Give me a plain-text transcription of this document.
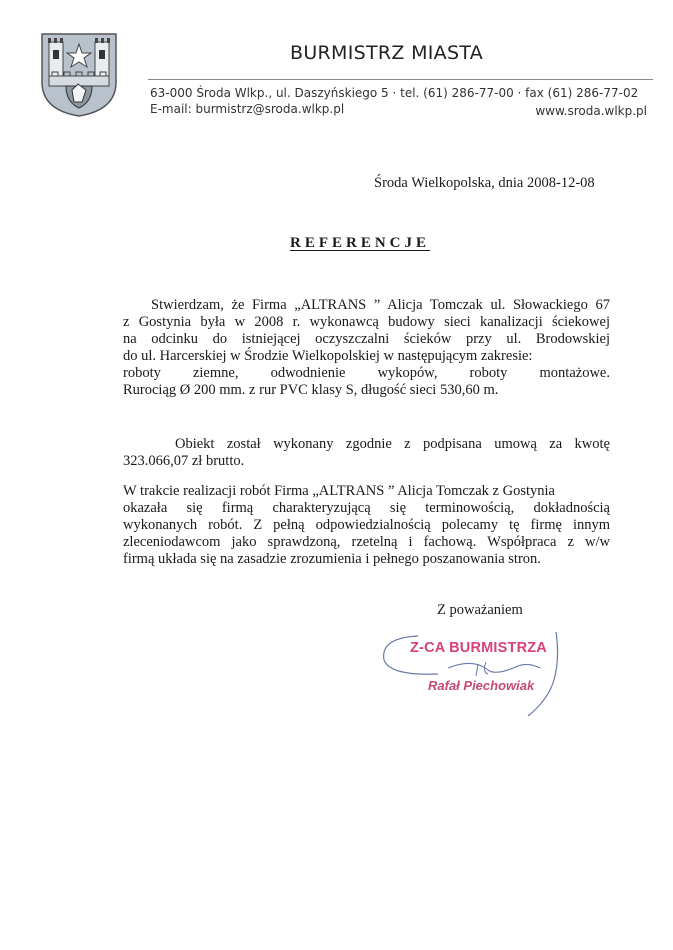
BURMISTRZ MIASTA
63-000 Środa Wlkp., ul. Daszyńskiego 5 · tel. (61) 286-77-00 · fax (61) 286-77-02
E-mail: burmistrz@sroda.wlkp.pl	www.sroda.wlkp.pl
Środa Wielkopolska, dnia 2008-12-08
REFERENCJE
Stwierdzam, że Firma „ALTRANS ” Alicja Tomczak ul. Słowackiego 67
z Gostynia była w 2008 r. wykonawcą budowy sieci kanalizacji ściekowej
na odcinku do istniejącej oczyszczalni ścieków przy ul. Brodowskiej
do ul. Harcerskiej w Środzie Wielkopolskiej w następującym zakresie:
roboty ziemne, odwodnienie wykopów, roboty montażowe.
Rurociąg Ø 200 mm. z rur PVC klasy S, długość sieci 530,60 m.
Obiekt został wykonany zgodnie z podpisana umową za kwotę
323.066,07 zł brutto.
W trakcie realizacji robót Firma „ALTRANS ” Alicja Tomczak z Gostynia
okazała się firmą charakteryzującą się terminowością, dokładnością
wykonanych robót. Z pełną odpowiedzialnością polecamy tę firmę innym
zleceniodawcom jako sprawdzoną, rzetelną i fachową. Współpraca z w/w
firmą układa się na zasadzie zrozumienia i pełnego poszanowania stron.
Z poważaniem
Z-CA BURMISTRZA
Rafał Piechowiak
